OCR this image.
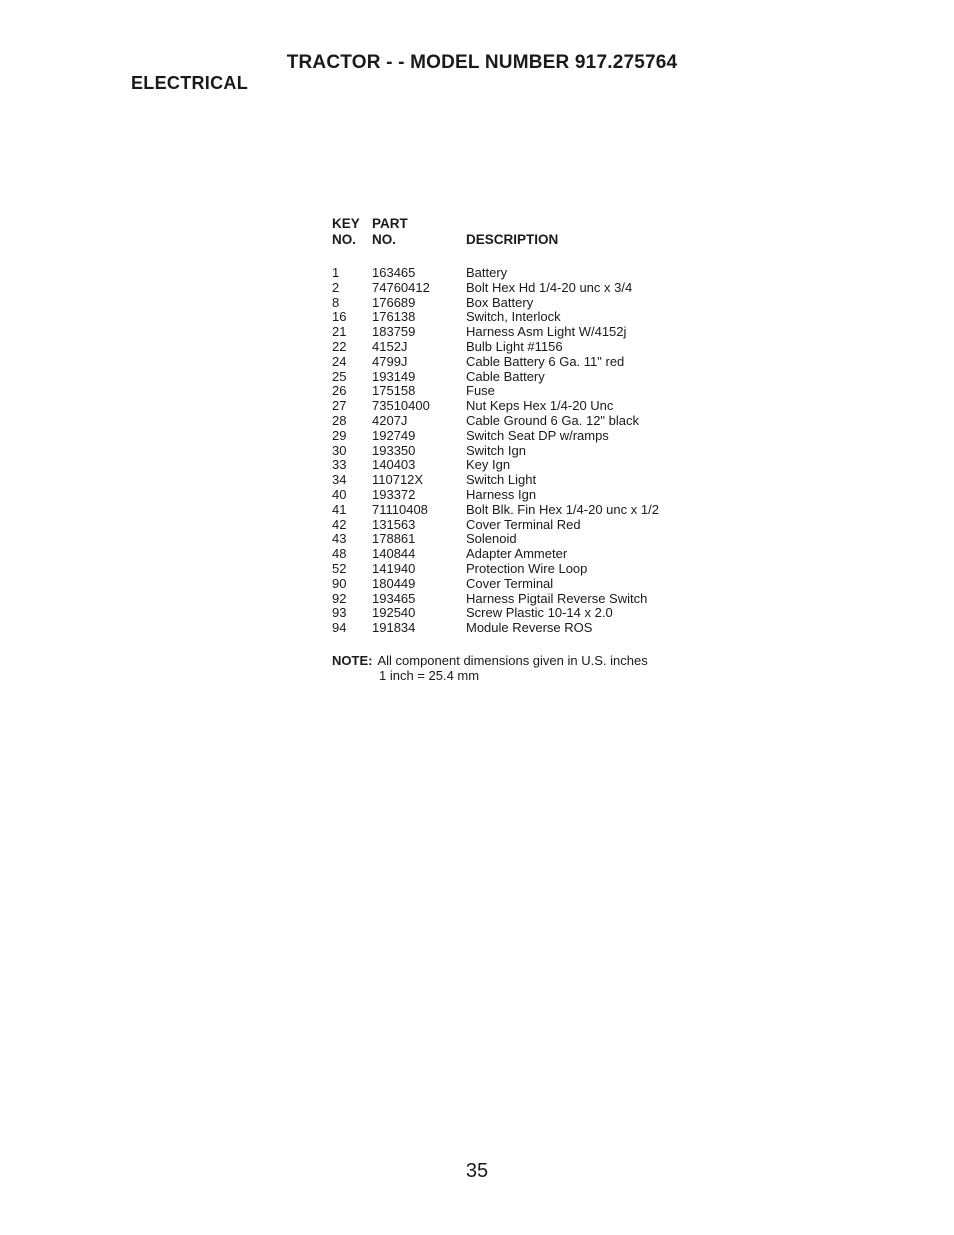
TRACTOR - - MODEL NUMBER 917.275764
ELECTRICAL
KEY	PART	
NO.	NO.	DESCRIPTION

1	163465	Battery
2	74760412	Bolt Hex Hd 1/4-20 unc x 3/4
8	176689	Box Battery
16	176138	Switch, Interlock
21	183759	Harness Asm Light W/4152j
22	4152J	Bulb Light #1156
24	4799J	Cable Battery 6 Ga. 11" red
25	193149	Cable Battery
26	175158	Fuse
27	73510400	Nut Keps Hex 1/4-20 Unc
28	4207J	Cable Ground 6 Ga. 12" black
29	192749	Switch Seat DP w/ramps
30	193350	Switch Ign
33	140403	Key Ign
34	110712X	Switch Light
40	193372	Harness Ign
41	71110408	Bolt Blk. Fin Hex 1/4-20 unc x 1/2
42	131563	Cover Terminal Red
43	178861	Solenoid
48	140844	Adapter Ammeter
52	141940	Protection Wire Loop
90	180449	Cover Terminal
92	193465	Harness Pigtail Reverse Switch
93	192540	Screw Plastic 10-14 x 2.0
94	191834	Module Reverse ROS
NOTE: All component dimensions given in U.S. inches
1 inch = 25.4 mm
35
